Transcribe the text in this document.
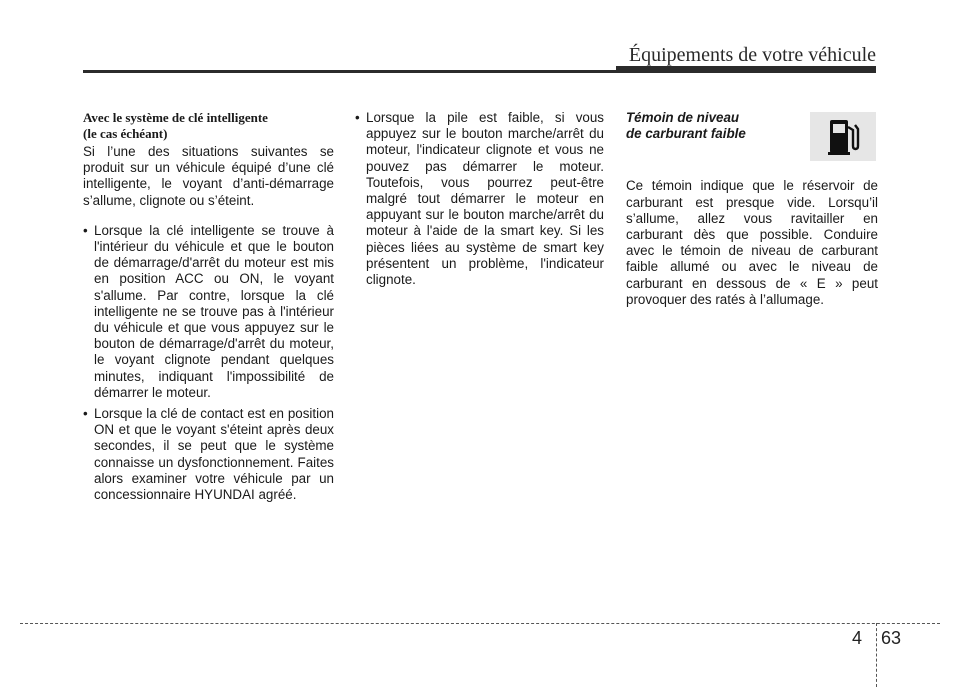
Équipements de votre véhicule
Avec le système de clé intelligente
(le cas échéant)

Si l’une des situations suivantes se produit sur un véhicule équipé d’une clé intelligente, le voyant d’anti-démarrage s’allume, clignote ou s’éteint.

• Lorsque la clé intelligente se trouve à l'intérieur du véhicule et que le bouton de démarrage/d'arrêt du moteur est mis en position ACC ou ON, le voyant s'allume. Par contre, lorsque la clé intelligente ne se trouve pas à l'intérieur du véhicule et que vous appuyez sur le bouton de démarrage/d'arrêt du moteur, le voyant clignote pendant quelques minutes, indiquant l'impossibilité de démarrer le moteur.
• Lorsque la clé de contact est en position ON et que le voyant s'éteint après deux secondes, il se peut que le système connaisse un dysfonctionnement. Faites alors examiner votre véhicule par un concessionnaire HYUNDAI agréé.
• Lorsque la pile est faible, si vous appuyez sur le bouton marche/arrêt du moteur, l'indicateur clignote et vous ne pouvez pas démarrer le moteur. Toutefois, vous pourrez peut-être malgré tout démarrer le moteur en appuyant sur le bouton marche/arrêt du moteur à l'aide de la smart key. Si les pièces liées au système de smart key présentent un problème, l'indicateur clignote.
Témoin de niveau
de carburant faible

Ce témoin indique que le réservoir de carburant est presque vide. Lorsqu’il s’allume, allez vous ravitailler en carburant dès que possible. Conduire avec le témoin de niveau de carburant faible allumé ou avec le niveau de carburant en dessous de « E » peut provoquer des ratés à l’allumage.

4 63
